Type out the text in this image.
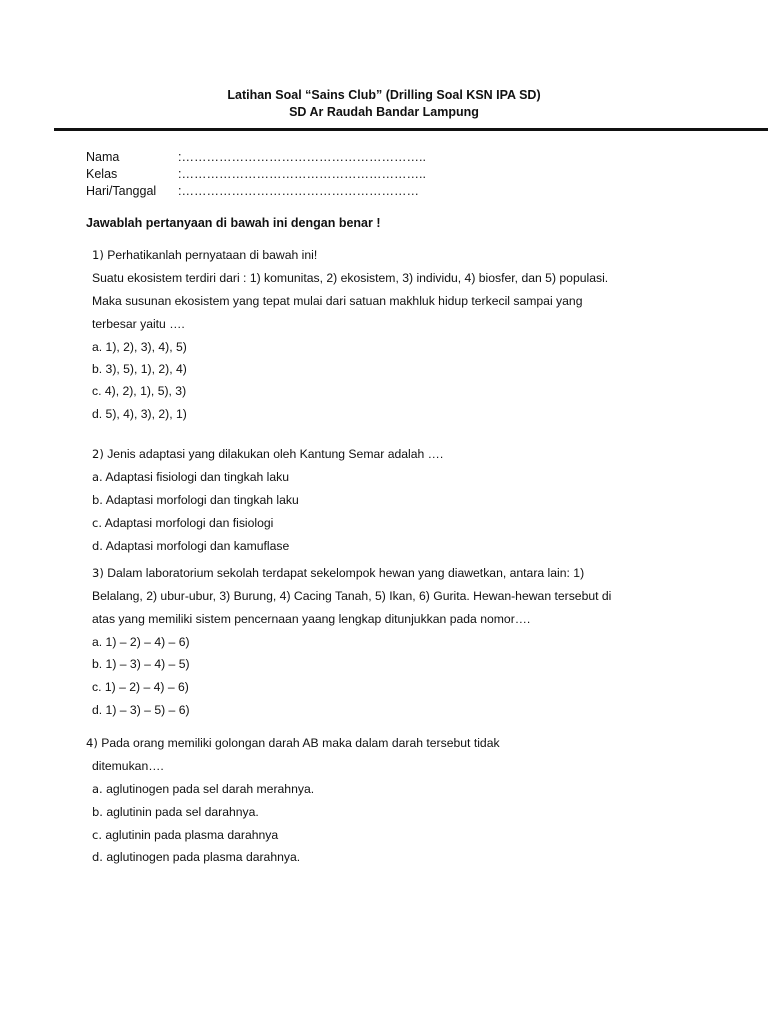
Latihan Soal “Sains Club” (Drilling Soal KSN IPA SD)
SD Ar Raudah Bandar Lampung
Nama	:…………………………………………………..
Kelas	:…………………………………………………..
Hari/Tanggal :…………………………………………………
Jawablah pertanyaan di bawah ini dengan benar !
1) Perhatikanlah pernyataan di bawah ini!
Suatu ekosistem terdiri dari : 1) komunitas, 2) ekosistem, 3) individu, 4) biosfer, dan 5) populasi.
Maka susunan ekosistem yang tepat mulai dari satuan makhluk hidup terkecil sampai yang
terbesar yaitu ….
a. 1), 2), 3), 4), 5)
b. 3), 5), 1), 2), 4)
c. 4), 2), 1), 5), 3)
d. 5), 4), 3), 2), 1)
2) Jenis adaptasi yang dilakukan oleh Kantung Semar adalah ….
a. Adaptasi fisiologi dan tingkah laku
b. Adaptasi morfologi dan tingkah laku
c. Adaptasi morfologi dan fisiologi
d. Adaptasi morfologi dan kamuflase
3) Dalam laboratorium sekolah terdapat sekelompok hewan yang diawetkan, antara lain: 1)
Belalang, 2) ubur-ubur, 3) Burung, 4) Cacing Tanah, 5) Ikan, 6) Gurita. Hewan-hewan tersebut di
atas yang memiliki sistem pencernaan yaang lengkap ditunjukkan pada nomor….
a. 1) – 2) – 4) – 6)
b. 1) – 3) – 4) – 5)
c. 1) – 2) – 4) – 6)
d. 1) – 3) – 5) – 6)
4) Pada orang memiliki golongan darah AB maka dalam darah tersebut tidak
ditemukan….
a. aglutinogen pada sel darah merahnya.
b. aglutinin pada sel darahnya.
c. aglutinin pada plasma darahnya
d. aglutinogen pada plasma darahnya.
